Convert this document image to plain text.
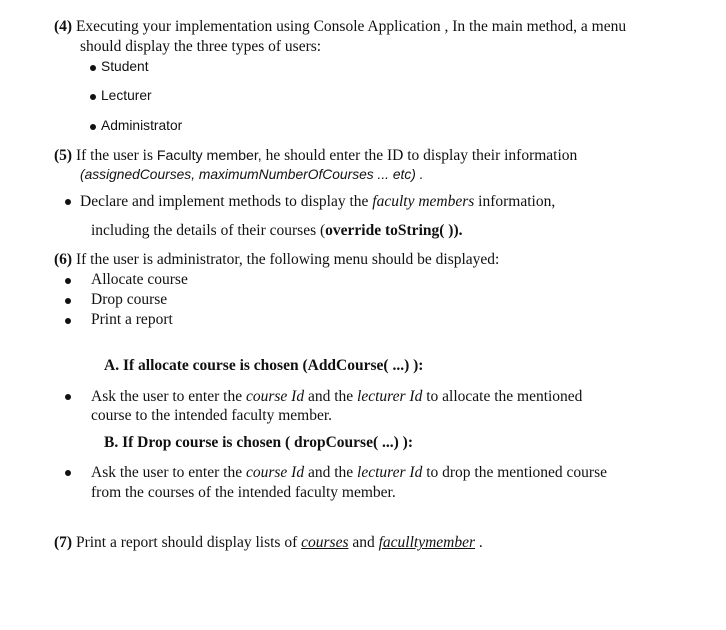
(4) Executing your implementation using Console Application , In the main method, a menu
should display the three types of users:
Student
Lecturer
Administrator
(5) If the user is Faculty member, he should enter the ID to display their information
(assignedCourses, maximumNumberOfCourses ... etc) .
Declare and implement methods to display the faculty members information,
including the details of their courses (override toString( )).
(6) If the user is administrator, the following menu should be displayed:
Allocate course
Drop course
Print a report
A. If allocate course is chosen (AddCourse( ...) ):
Ask the user to enter the course Id and the lecturer Id to allocate the mentioned
course to the intended faculty member.
B. If Drop course is chosen ( dropCourse( ...) ):
Ask the user to enter the course Id and the lecturer Id to drop the mentioned course
from the courses of the intended faculty member.
(7) Print a report should display lists of courses and faculltymember .
